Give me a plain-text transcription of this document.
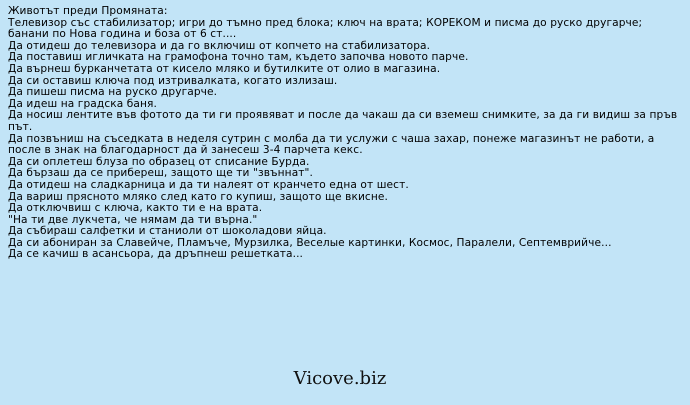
Животът преди Промяната:
Телевизор със стабилизатор; игри до тъмно пред блока; ключ на врата; КОРЕКОМ и писма до руско другарче; банани по Нова година и боза от 6 ст....
Да отидеш до телевизора и да го включиш от копчето на стабилизатора.
Да поставиш игличката на грамофона точно там, където започва новото парче.
Да върнеш бурканчетата от кисело мляко и бутилките от олио в магазина.
Да си оставиш ключа под изтривалката, когато излизаш.
Да пишеш писма на руско другарче.
Да идеш на градска баня.
Да носиш лентите във фотото да ти ги проявяват и после да чакаш да си вземеш снимките, за да ги видиш за пръв път.
Да позвъниш на съседката в неделя сутрин с молба да ти услужи с чаша захар, понеже магазинът не работи, а после в знак на благодарност да й занесеш 3-4 парчета кекс.
Да си оплетеш блуза по образец от списание Бурда.
Да бързаш да се прибереш, защото ще ти "звъннат".
Да отидеш на сладкарница и да ти налеят от кранчето една от шест.
Да вариш прясното мляко след като го купиш, защото ще вкисне.
Да отключвиш с ключа, както ти е на врата.
"На ти две лукчета, че нямам да ти върна."
Да събираш салфетки и станиоли от шоколадови яйца.
Да си абониран за Славейче, Пламъче, Мурзилка, Веселые картинки, Космос, Паралели, Септемврийче...
Да се качиш в асансьора, да дръпнеш решетката...
Vicove.biz
